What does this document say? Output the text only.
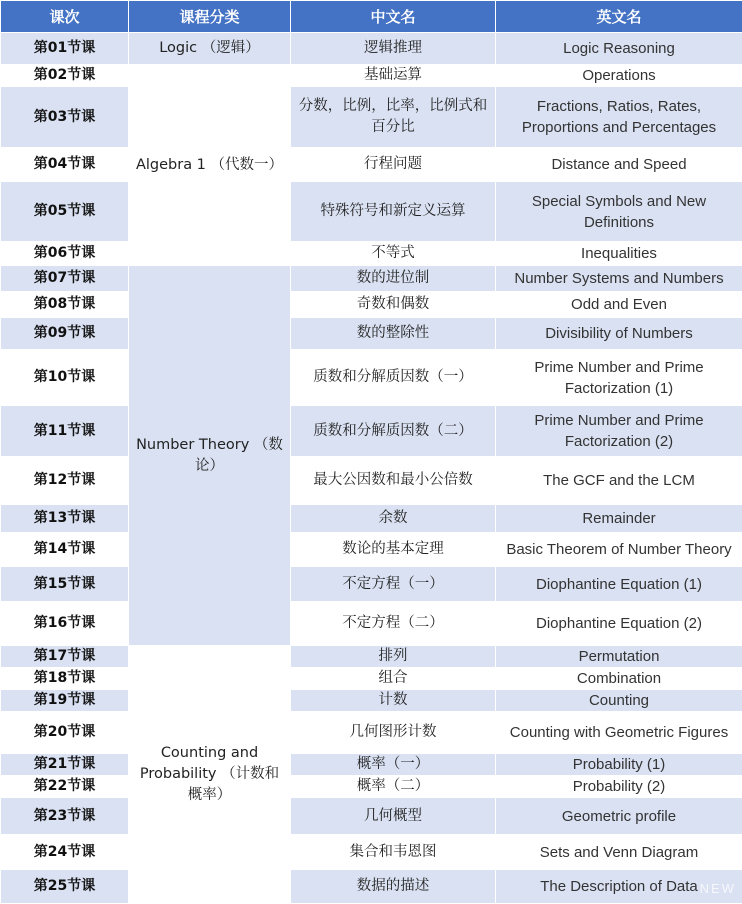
课次	课程分类	中文名	英文名
第01节课	Logic （逻辑）	逻辑推理	Logic Reasoning
第02节课	Algebra 1 （代数一）	基础运算	Operations
第03节课		分数，比例，比率，比例式和百分比	Fractions, Ratios, Rates, Proportions and Percentages
第04节课		行程问题	Distance and Speed
第05节课		特殊符号和新定义运算	Special Symbols and New Definitions
第06节课		不等式	Inequalities
第07节课	Number Theory （数论）	数的进位制	Number Systems and Numbers
第08节课		奇数和偶数	Odd and Even
第09节课		数的整除性	Divisibility of Numbers
第10节课		质数和分解质因数（一）	Prime Number and Prime Factorization (1)
第11节课		质数和分解质因数（二）	Prime Number and Prime Factorization (2)
第12节课		最大公因数和最小公倍数	The GCF and the LCM
第13节课		余数	Remainder
第14节课		数论的基本定理	Basic Theorem of Number Theory
第15节课		不定方程（一）	Diophantine Equation (1)
第16节课		不定方程（二）	Diophantine Equation (2)
第17节课	Counting and Probability （计数和概率）	排列	Permutation
第18节课		组合	Combination
第19节课		计数	Counting
第20节课		几何图形计数	Counting with Geometric Figures
第21节课		概率（一）	Probability (1)
第22节课		概率（二）	Probability (2)
第23节课		几何概型	Geometric profile
第24节课		集合和韦恩图	Sets and Venn Diagram
第25节课		数据的描述	The Description of Data NEW
